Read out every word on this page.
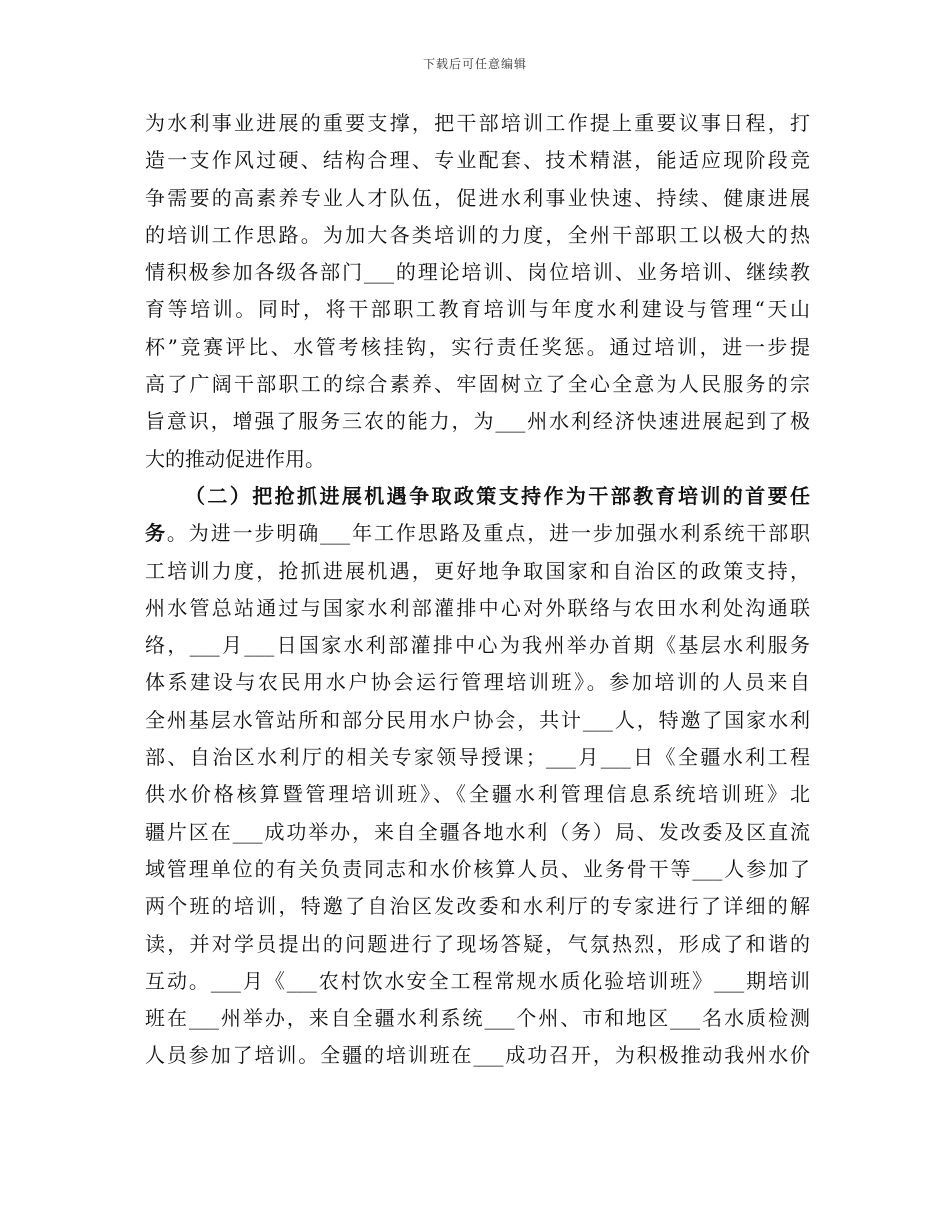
下载后可任意编辑
为水利事业进展的重要支撑，把干部培训工作提上重要议事日程，打
造一支作风过硬、结构合理、专业配套、技术精湛，能适应现阶段竞
争需要的高素养专业人才队伍，促进水利事业快速、持续、健康进展
的培训工作思路。为加大各类培训的力度，全州干部职工以极大的热
情积极参加各级各部门___的理论培训、岗位培训、业务培训、继续教
育等培训。同时，将干部职工教育培训与年度水利建设与管理“天山
杯”竞赛评比、水管考核挂钩，实行责任奖惩。通过培训，进一步提
高了广阔干部职工的综合素养、牢固树立了全心全意为人民服务的宗
旨意识，增强了服务三农的能力，为___州水利经济快速进展起到了极
大的推动促进作用。
（二）把抢抓进展机遇争取政策支持作为干部教育培训的首要任
务。为进一步明确___年工作思路及重点，进一步加强水利系统干部职
工培训力度，抢抓进展机遇，更好地争取国家和自治区的政策支持，
州水管总站通过与国家水利部灌排中心对外联络与农田水利处沟通联
络，___月___日国家水利部灌排中心为我州举办首期《基层水利服务
体系建设与农民用水户协会运行管理培训班》。参加培训的人员来自
全州基层水管站所和部分民用水户协会，共计___人，特邀了国家水利
部、自治区水利厅的相关专家领导授课；___月___日《全疆水利工程
供水价格核算暨管理培训班》、《全疆水利管理信息系统培训班》北
疆片区在___成功举办，来自全疆各地水利（务）局、发改委及区直流
域管理单位的有关负责同志和水价核算人员、业务骨干等___人参加了
两个班的培训，特邀了自治区发改委和水利厅的专家进行了详细的解
读，并对学员提出的问题进行了现场答疑，气氛热烈，形成了和谐的
互动。___月《___农村饮水安全工程常规水质化验培训班》___期培训
班在___州举办，来自全疆水利系统___个州、市和地区___名水质检测
人员参加了培训。全疆的培训班在___成功召开，为积极推动我州水价
